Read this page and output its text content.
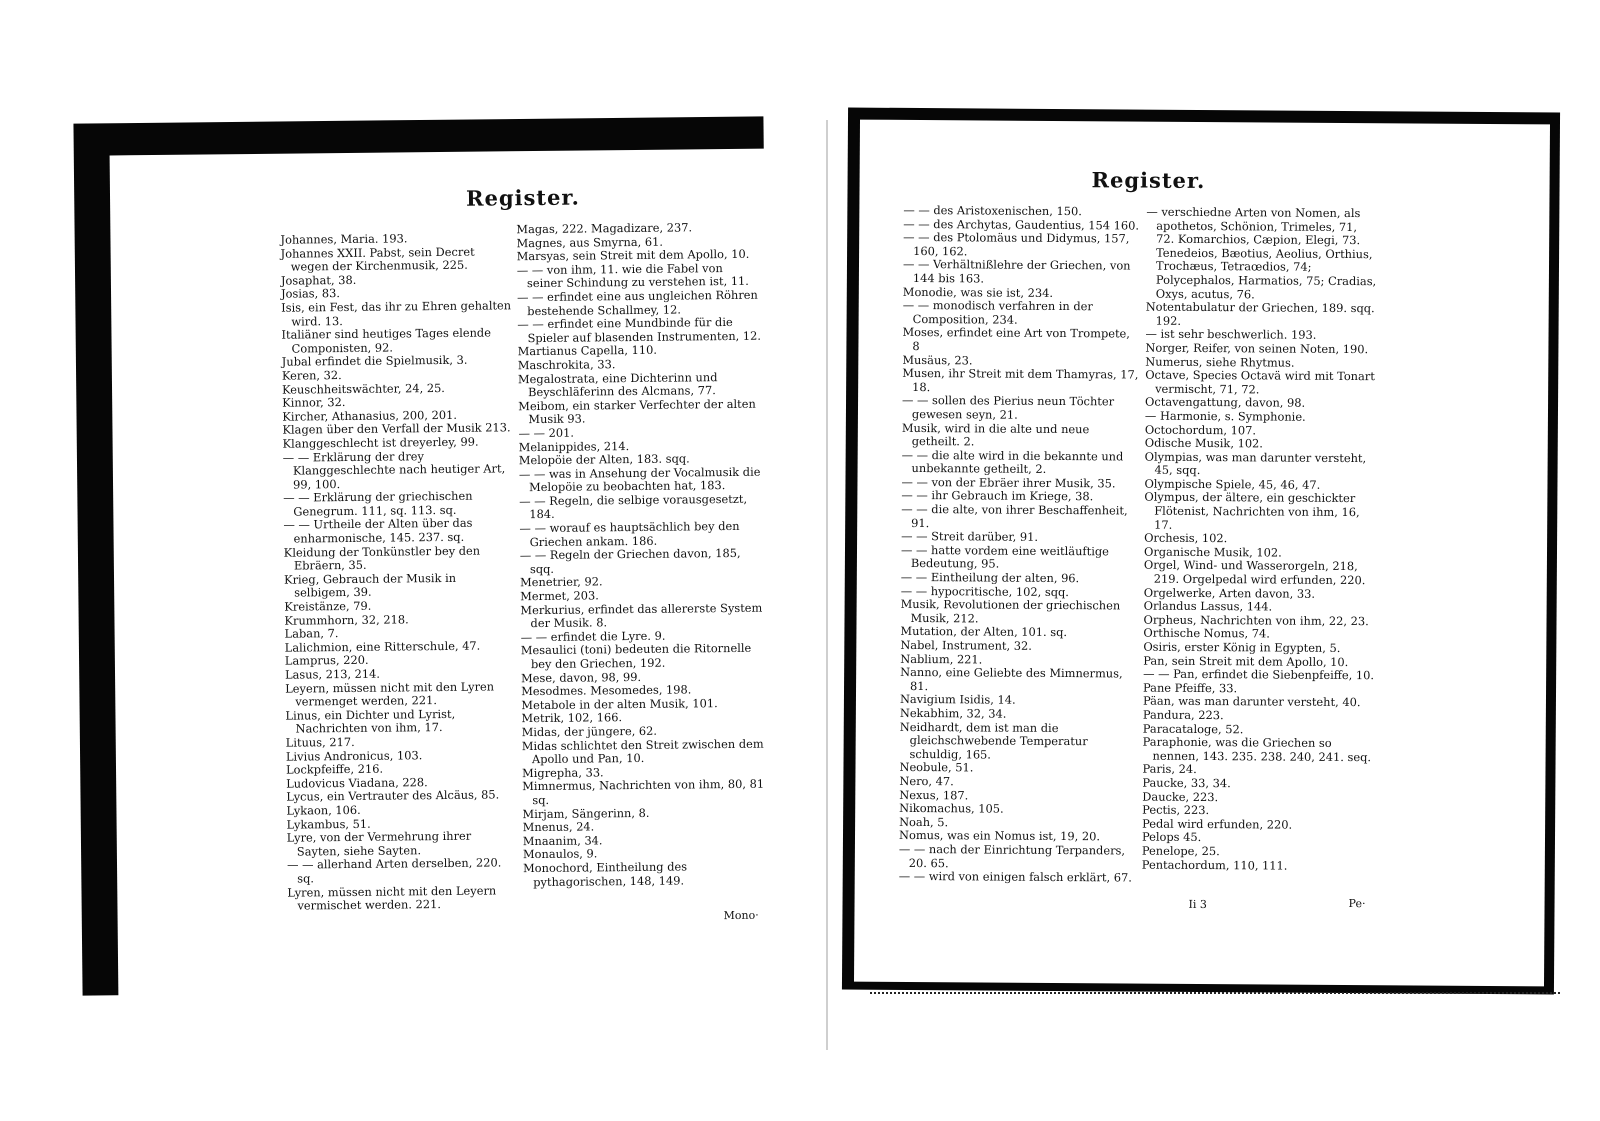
Register.
Johannes, Maria. 193.
Johannes XXII. Pabst, sein Decret wegen der Kirchenmusik, 225.
Josaphat, 38.
Josias, 83.
Isis, ein Fest, das ihr zu Ehren gehalten wird. 13.
Italiäner sind heutiges Tages elende Componisten, 92.
Jubal erfindet die Spielmusik, 3.
Keren, 32.
Keuschheitswächter, 24, 25.
Kinnor, 32.
Kircher, Athanasius, 200, 201.
Klagen über den Verfall der Musik 213.
Klanggeschlecht ist dreyerley, 99.
— — Erklärung der drey Klanggeschlechte nach heutiger Art, 99, 100.
— — Erklärung der griechischen Genegrum. 111, sq. 113. sq.
— — Urtheile der Alten über das enharmonische, 145. 237. sq.
Kleidung der Tonkünstler bey den Ebräern, 35.
Krieg, Gebrauch der Musik in selbigem, 39.
Kreistänze, 79.
Krummhorn, 32, 218.
Laban, 7.
Lalichmion, eine Ritterschule, 47.
Lamprus, 220.
Lasus, 213, 214.
Leyern, müssen nicht mit den Lyren vermenget werden, 221.
Linus, ein Dichter und Lyrist, Nachrichten von ihm, 17.
Lituus, 217.
Livius Andronicus, 103.
Lockpfeiffe, 216.
Ludovicus Viadana, 228.
Lycus, ein Vertrauter des Alcäus, 85.
Lykaon, 106.
Lykambus, 51.
Lyre, von der Vermehrung ihrer Sayten, siehe Sayten.
— — allerhand Arten derselben, 220. sq.
Lyren, müssen nicht mit den Leyern vermischet werden. 221.
Magas, 222. Magadizare, 237.
Magnes, aus Smyrna, 61.
Marsyas, sein Streit mit dem Apollo, 10.
— — von ihm, 11. wie die Fabel von seiner Schindung zu verstehen ist, 11.
— — erfindet eine aus ungleichen Röhren bestehende Schallmey, 12.
— — erfindet eine Mundbinde für die Spieler auf blasenden Instrumenten, 12.
Martianus Capella, 110.
Maschrokita, 33.
Megalostrata, eine Dichterinn und Beyschläferinn des Alcmans, 77.
Meibom, ein starker Verfechter der alten Musik 93.
— — 201.
Melanippides, 214.
Melopöie der Alten, 183. sqq.
— — was in Ansehung der Vocalmusik die Melopöie zu beobachten hat, 183.
— — Regeln, die selbige vorausgesetzt, 184.
— — worauf es hauptsächlich bey den Griechen ankam. 186.
— — Regeln der Griechen davon, 185, sqq.
Menetrier, 92.
Mermet, 203.
Merkurius, erfindet das allererste System der Musik. 8.
— — erfindet die Lyre. 9.
Mesaulici (toni) bedeuten die Ritornelle bey den Griechen, 192.
Mese, davon, 98, 99.
Mesodmes. Mesomedes, 198.
Metabole in der alten Musik, 101.
Metrik, 102, 166.
Midas, der jüngere, 62.
Midas schlichtet den Streit zwischen dem Apollo und Pan, 10.
Migrepha, 33.
Mimnermus, Nachrichten von ihm, 80, 81 sq.
Mirjam, Sängerinn, 8.
Mnenus, 24.
Mnaanim, 34.
Monaulos, 9.
Monochord, Eintheilung des pythagorischen, 148, 149.
Mono·
Register.
— — des Aristoxenischen, 150.
— — des Archytas, Gaudentius, 154 160.
— — des Ptolomäus und Didymus, 157, 160, 162.
— — Verhältnißlehre der Griechen, von 144 bis 163.
Monodie, was sie ist, 234.
— — monodisch verfahren in der Composition, 234.
Moses, erfindet eine Art von Trompete, 8
Musäus, 23.
Musen, ihr Streit mit dem Thamyras, 17, 18.
— — sollen des Pierius neun Töchter gewesen seyn, 21.
Musik, wird in die alte und neue getheilt. 2.
— — die alte wird in die bekannte und unbekannte getheilt, 2.
— — von der Ebräer ihrer Musik, 35.
— — ihr Gebrauch im Kriege, 38.
— — die alte, von ihrer Beschaffenheit, 91.
— — Streit darüber, 91.
— — hatte vordem eine weitläuftige Bedeutung, 95.
— — Eintheilung der alten, 96.
— — hypocritische, 102, sqq.
Musik, Revolutionen der griechischen Musik, 212.
Mutation, der Alten, 101. sq.
Nabel, Instrument, 32.
Nablium, 221.
Nanno, eine Geliebte des Mimnermus, 81.
Navigium Isidis, 14.
Nekabhim, 32, 34.
Neidhardt, dem ist man die gleichschwebende Temperatur schuldig, 165.
Neobule, 51.
Nero, 47.
Nexus, 187.
Nikomachus, 105.
Noah, 5.
Nomus, was ein Nomus ist, 19, 20.
— — nach der Einrichtung Terpanders, 20. 65.
— — wird von einigen falsch erklärt, 67.
— verschiedne Arten von Nomen, als apothetos, Schönion, Trimeles, 71, 72. Komarchios, Cæpion, Elegi, 73. Tenedeios, Bæotius, Aeolius, Orthius, Trochæus, Tetraœdios, 74; Polycephalos, Harmatios, 75; Cradias, Oxys, acutus, 76.
Notentabulatur der Griechen, 189. sqq. 192.
— ist sehr beschwerlich. 193.
Norger, Reifer, von seinen Noten, 190.
Numerus, siehe Rhytmus.
Octave, Species Octavä wird mit Tonart vermischt, 71, 72.
Octavengattung, davon, 98.
— Harmonie, s. Symphonie.
Octochordum, 107.
Odische Musik, 102.
Olympias, was man darunter versteht, 45, sqq.
Olympische Spiele, 45, 46, 47.
Olympus, der ältere, ein geschickter Flötenist, Nachrichten von ihm, 16, 17.
Orchesis, 102.
Organische Musik, 102.
Orgel, Wind- und Wasserorgeln, 218, 219. Orgelpedal wird erfunden, 220.
Orgelwerke, Arten davon, 33.
Orlandus Lassus, 144.
Orpheus, Nachrichten von ihm, 22, 23.
Orthische Nomus, 74.
Osiris, erster König in Egypten, 5.
Pan, sein Streit mit dem Apollo, 10.
— — Pan, erfindet die Siebenpfeiffe, 10.
Pane Pfeiffe, 33.
Päan, was man darunter versteht, 40.
Pandura, 223.
Paracataloge, 52.
Paraphonie, was die Griechen so nennen, 143. 235. 238. 240, 241. seq.
Paris, 24.
Paucke, 33, 34.
Daucke, 223.
Pectis, 223.
Pedal wird erfunden, 220.
Pelops 45.
Penelope, 25.
Pentachordum, 110, 111.
Ii 3	Pe·
